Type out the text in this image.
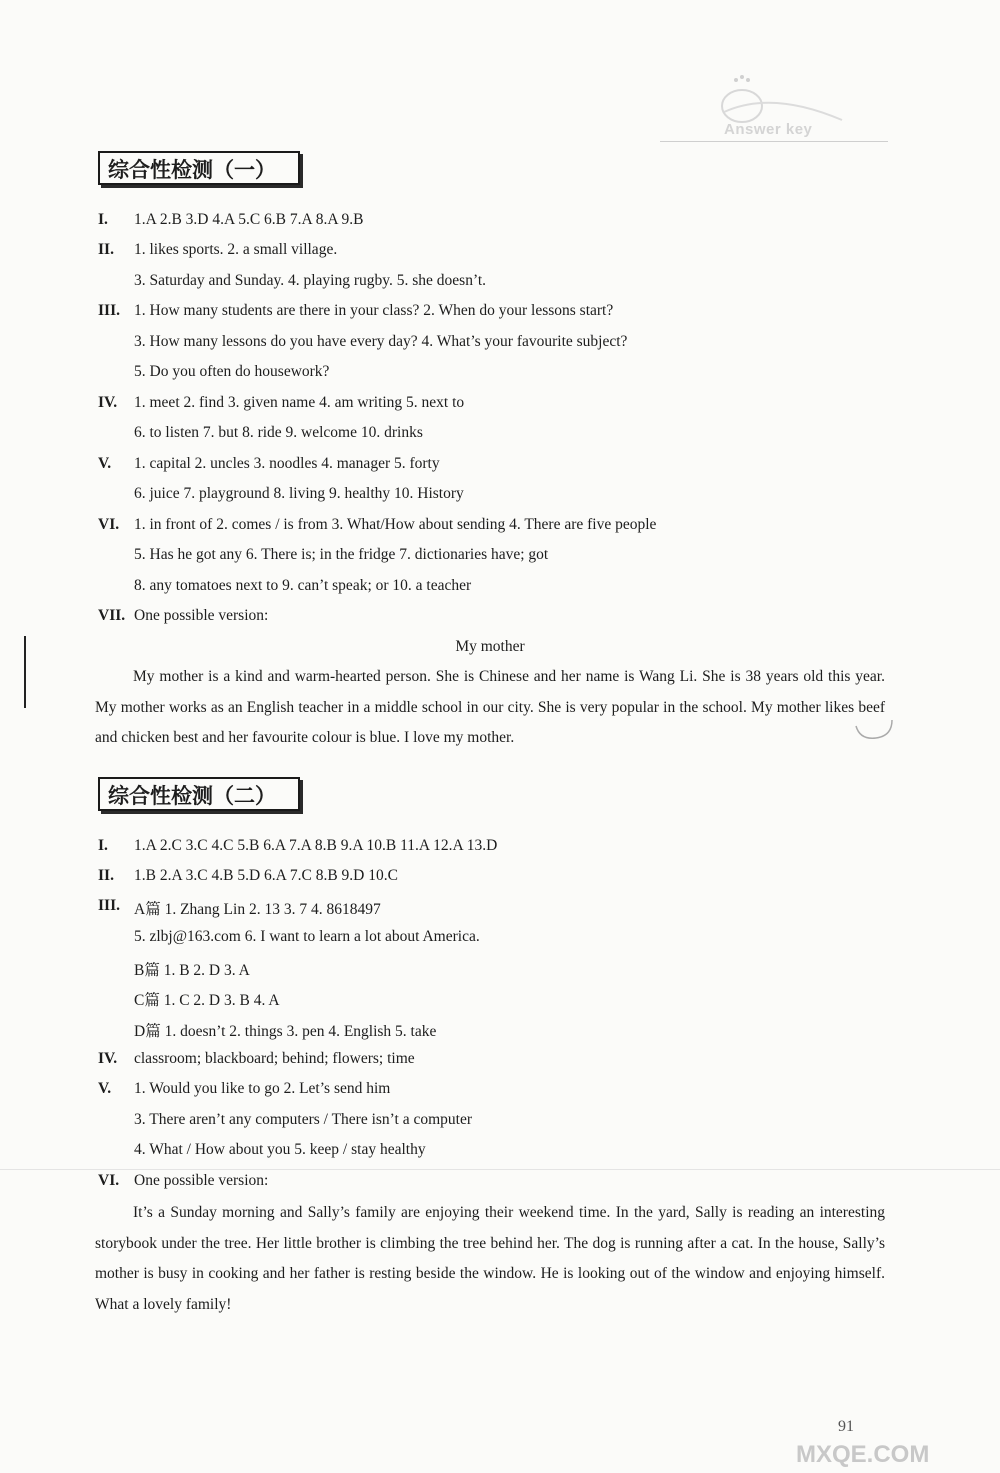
Answer key
综合性检测（一）
I. 1.A 2.B 3.D 4.A 5.C 6.B 7.A 8.A 9.B
II. 1. likes sports. 2. a small village.
3. Saturday and Sunday. 4. playing rugby. 5. she doesn’t.
III. 1. How many students are there in your class? 2. When do your lessons start?
3. How many lessons do you have every day? 4. What’s your favourite subject?
5. Do you often do housework?
IV. 1. meet 2. find 3. given name 4. am writing 5. next to
6. to listen 7. but 8. ride 9. welcome 10. drinks
V. 1. capital 2. uncles 3. noodles 4. manager 5. forty
6. juice 7. playground 8. living 9. healthy 10. History
VI. 1. in front of 2. comes / is from 3. What/How about sending 4. There are five people
5. Has he got any 6. There is; in the fridge 7. dictionaries have; got
8. any tomatoes next to 9. can’t speak; or 10. a teacher
VII. One possible version:
My mother
My mother is a kind and warm-hearted person. She is Chinese and her name is Wang Li. She is 38 years old this year. My mother works as an English teacher in a middle school in our city. She is very popular in the school. My mother likes beef and chicken best and her favourite colour is blue. I love my mother.
综合性检测（二）
I. 1.A 2.C 3.C 4.C 5.B 6.A 7.A 8.B 9.A 10.B 11.A 12.A 13.D
II. 1.B 2.A 3.C 4.B 5.D 6.A 7.C 8.B 9.D 10.C
III. A篇 1. Zhang Lin 2. 13 3. 7 4. 8618497
5. zlbj@163.com 6. I want to learn a lot about America.
B篇 1. B 2. D 3. A
C篇 1. C 2. D 3. B 4. A
D篇 1. doesn’t 2. things 3. pen 4. English 5. take
IV. classroom; blackboard; behind; flowers; time
V. 1. Would you like to go 2. Let’s send him
3. There aren’t any computers / There isn’t a computer
4. What / How about you 5. keep / stay healthy
VI. One possible version:
It’s a Sunday morning and Sally’s family are enjoying their weekend time. In the yard, Sally is reading an interesting storybook under the tree. Her little brother is climbing the tree behind her. The dog is running after a cat. In the house, Sally’s mother is busy in cooking and her father is resting beside the window. He is looking out of the window and enjoying himself. What a lovely family!
91
MXQE.COM
